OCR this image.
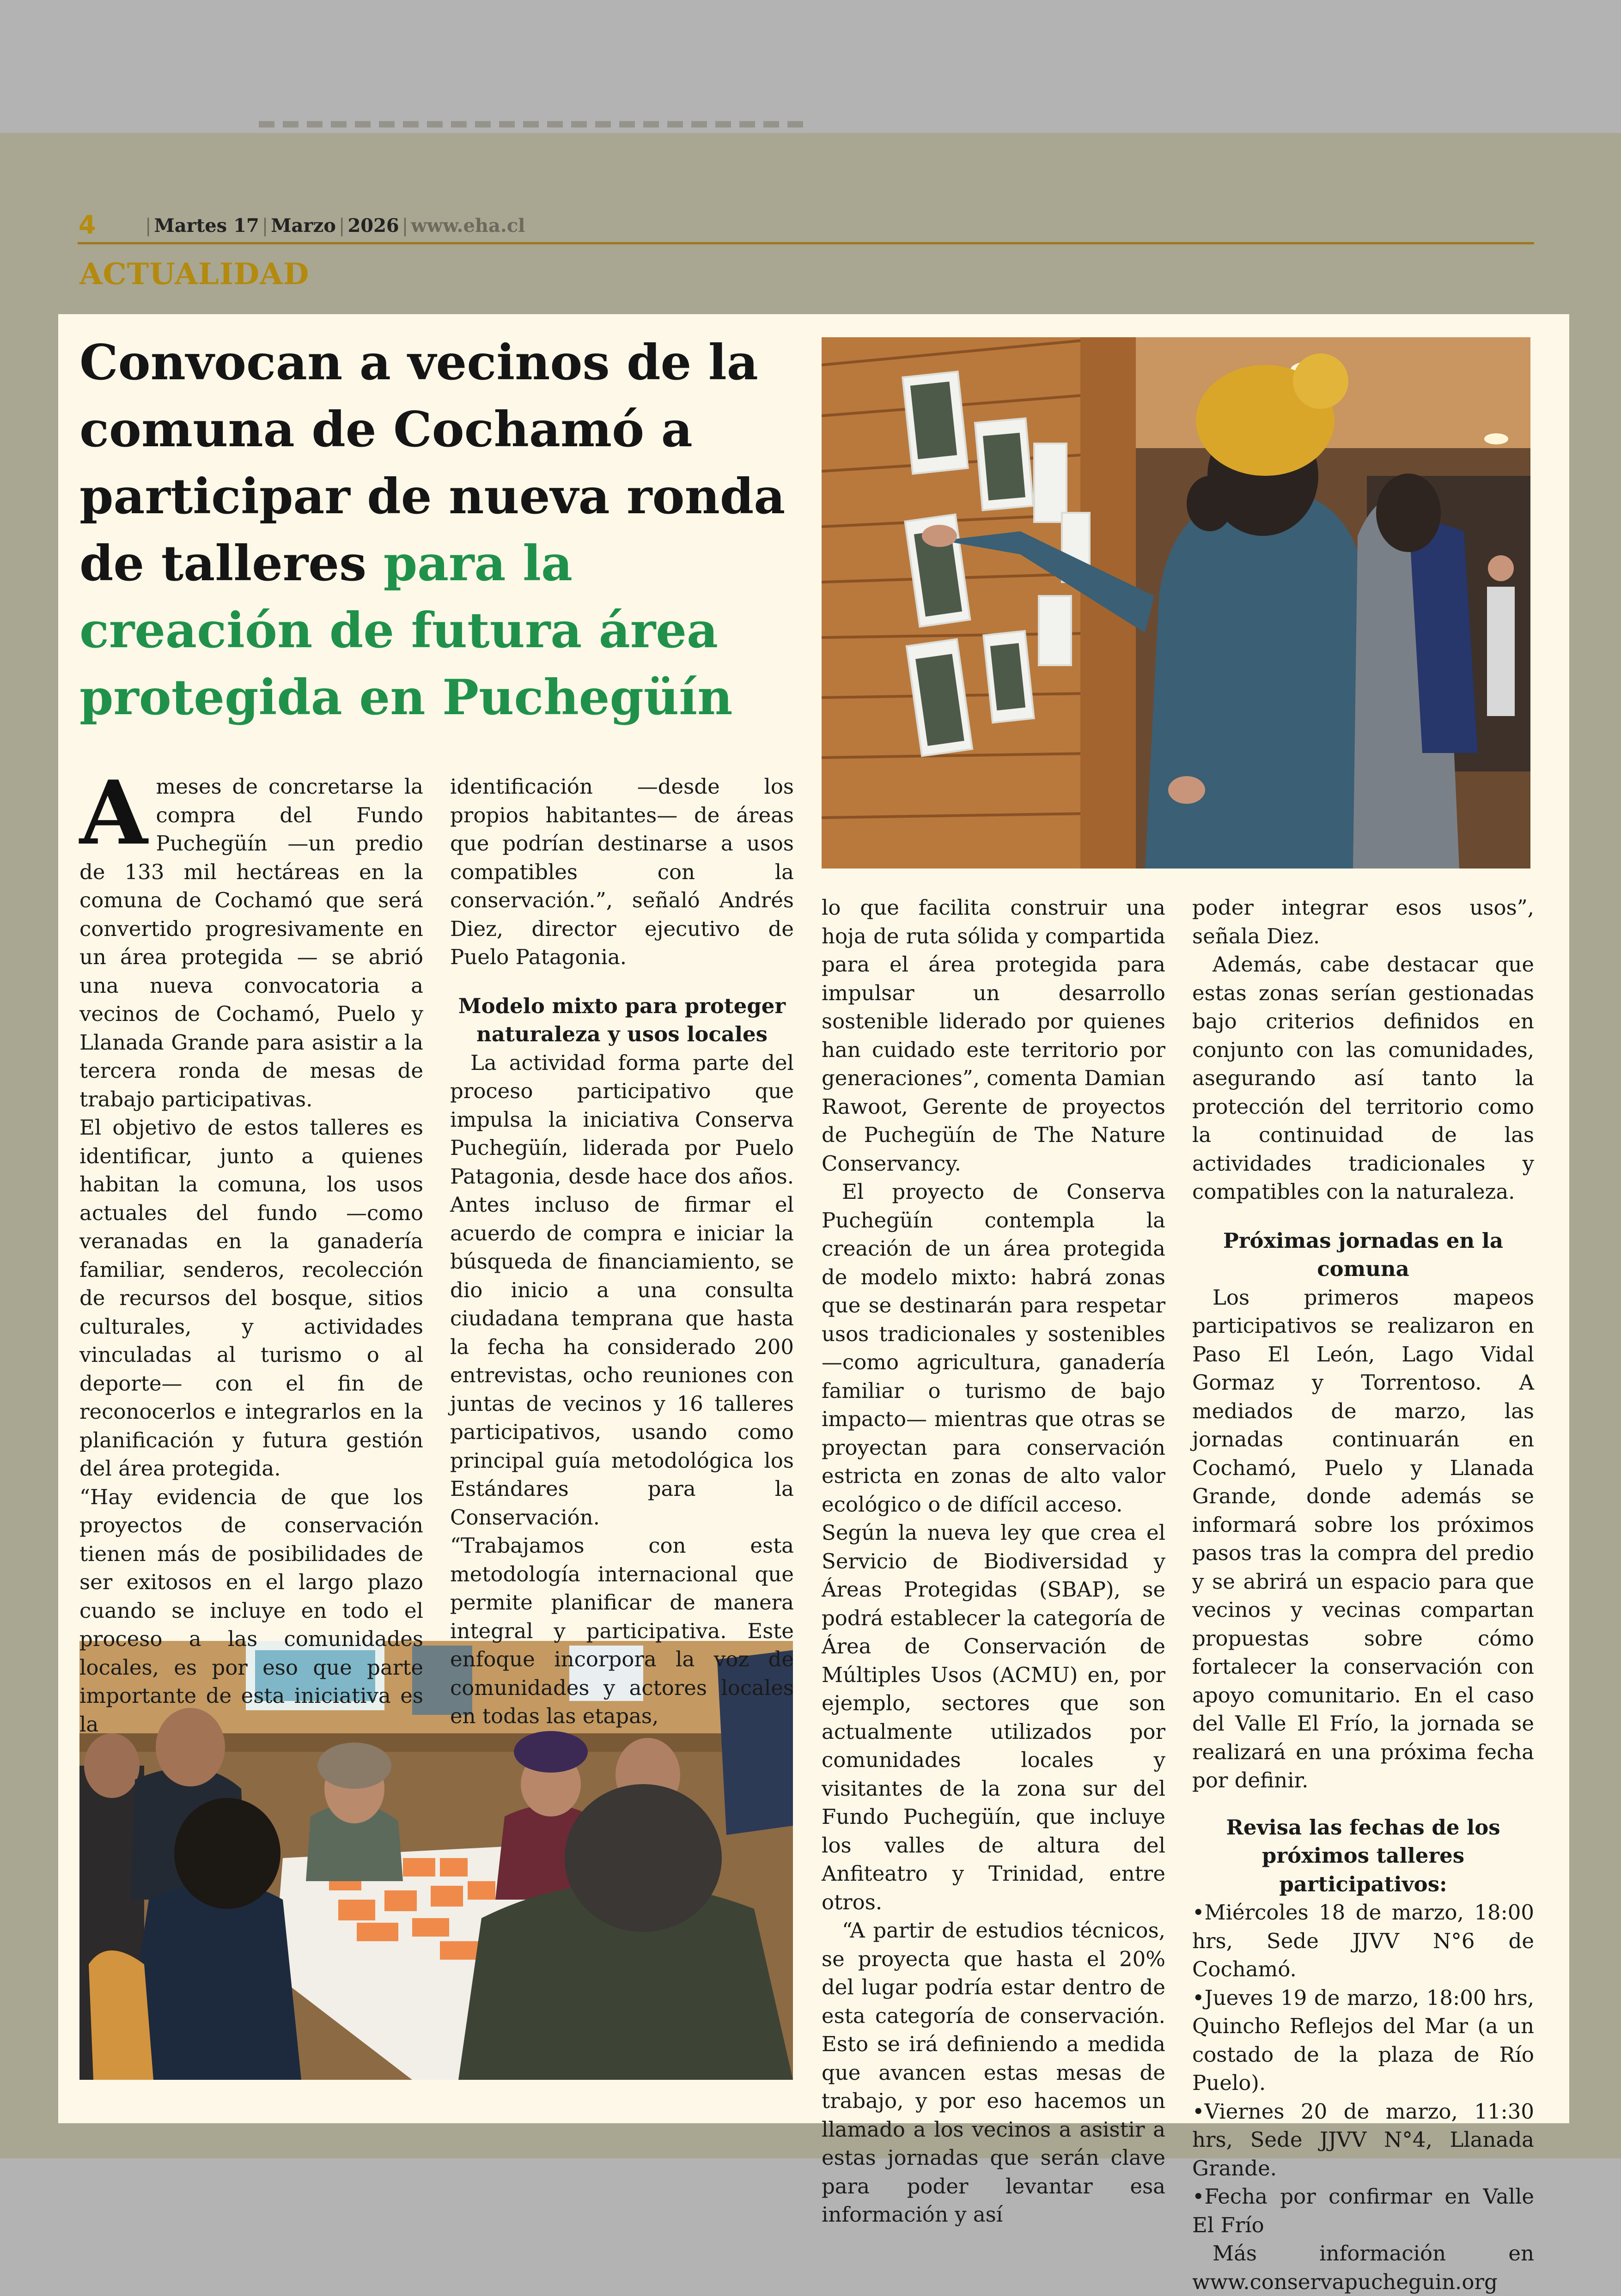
4	| Martes 17 | Marzo | 2026 | www.eha.cl
ACTUALIDAD
Convocan a vecinos de la comuna de Cochamó a participar de nueva ronda de talleres para la creación de futura área protegida en Puchegüín
A meses de concretarse la compra del Fundo Puchegüín —un predio de 133 mil hectáreas en la comuna de Cochamó que será convertido progresivamente en un área protegida — se abrió una nueva convocatoria a vecinos de Cochamó, Puelo y Llanada Grande para asistir a la tercera ronda de mesas de trabajo participativas.

El objetivo de estos talleres es identificar, junto a quienes habitan la comuna, los usos actuales del fundo —como veranadas en la ganadería familiar, senderos, recolección de recursos del bosque, sitios culturales, y actividades vinculadas al turismo o al deporte— con el fin de reconocerlos e integrarlos en la planificación y futura gestión del área protegida.

“Hay evidencia de que los proyectos de conservación tienen más de posibilidades de ser exitosos en el largo plazo cuando se incluye en todo el proceso a las comunidades locales, es por eso que parte importante de esta iniciativa es la

identificación —desde los propios habitantes— de áreas que podrían destinarse a usos compatibles con la conservación.”, señaló Andrés Diez, director ejecutivo de Puelo Patagonia.

Modelo mixto para proteger naturaleza y usos locales

La actividad forma parte del proceso participativo que impulsa la iniciativa Conserva Puchegüín, liderada por Puelo Patagonia, desde hace dos años. Antes incluso de firmar el acuerdo de compra e iniciar la búsqueda de financiamiento, se dio inicio a una consulta ciudadana temprana que hasta la fecha ha considerado 200 entrevistas, ocho reuniones con juntas de vecinos y 16 talleres participativos, usando como principal guía metodológica los Estándares para la Conservación.

“Trabajamos con esta metodología internacional que permite planificar de manera integral y participativa. Este enfoque incorpora la voz de comunidades y actores locales en todas las etapas,

lo que facilita construir una hoja de ruta sólida y compartida para el área protegida para impulsar un desarrollo sostenible liderado por quienes han cuidado este territorio por generaciones”, comenta Damian Rawoot, Gerente de proyectos de Puchegüín de The Nature Conservancy.

El proyecto de Conserva Puchegüín contempla la creación de un área protegida de modelo mixto: habrá zonas que se destinarán para respetar usos tradicionales y sostenibles —como agricultura, ganadería familiar o turismo de bajo impacto— mientras que otras se proyectan para conservación estricta en zonas de alto valor ecológico o de difícil acceso.

Según la nueva ley que crea el Servicio de Biodiversidad y Áreas Protegidas (SBAP), se podrá establecer la categoría de Área de Conservación de Múltiples Usos (ACMU) en, por ejemplo, sectores que son actualmente utilizados por comunidades locales y visitantes de la zona sur del Fundo Puchegüín, que incluye los valles de altura del Anfiteatro y Trinidad, entre otros.

“A partir de estudios técnicos, se proyecta que hasta el 20% del lugar podría estar dentro de esta categoría de conservación. Esto se irá definiendo a medida que avancen estas mesas de trabajo, y por eso hacemos un llamado a los vecinos a asistir a estas jornadas que serán clave para poder levantar esa información y así

poder integrar esos usos”, señala Diez.

Además, cabe destacar que estas zonas serían gestionadas bajo criterios definidos en conjunto con las comunidades, asegurando así tanto la protección del territorio como la continuidad de las actividades tradicionales y compatibles con la naturaleza.

Próximas jornadas en la comuna

Los primeros mapeos participativos se realizaron en Paso El León, Lago Vidal Gormaz y Torrentoso. A mediados de marzo, las jornadas continuarán en Cochamó, Puelo y Llanada Grande, donde además se informará sobre los próximos pasos tras la compra del predio y se abrirá un espacio para que vecinos y vecinas compartan propuestas sobre cómo fortalecer la conservación con apoyo comunitario. En el caso del Valle El Frío, la jornada se realizará en una próxima fecha por definir.

Revisa las fechas de los próximos talleres participativos:

•Miércoles 18 de marzo, 18:00 hrs, Sede JJVV N°6 de Cochamó.

•Jueves 19 de marzo, 18:00 hrs, Quincho Reflejos del Mar (a un costado de la plaza de Río Puelo).

•Viernes 20 de marzo, 11:30 hrs, Sede JJVV N°4, Llanada Grande.

•Fecha por confirmar en Valle El Frío

Más información en www.conservapucheguin.org
